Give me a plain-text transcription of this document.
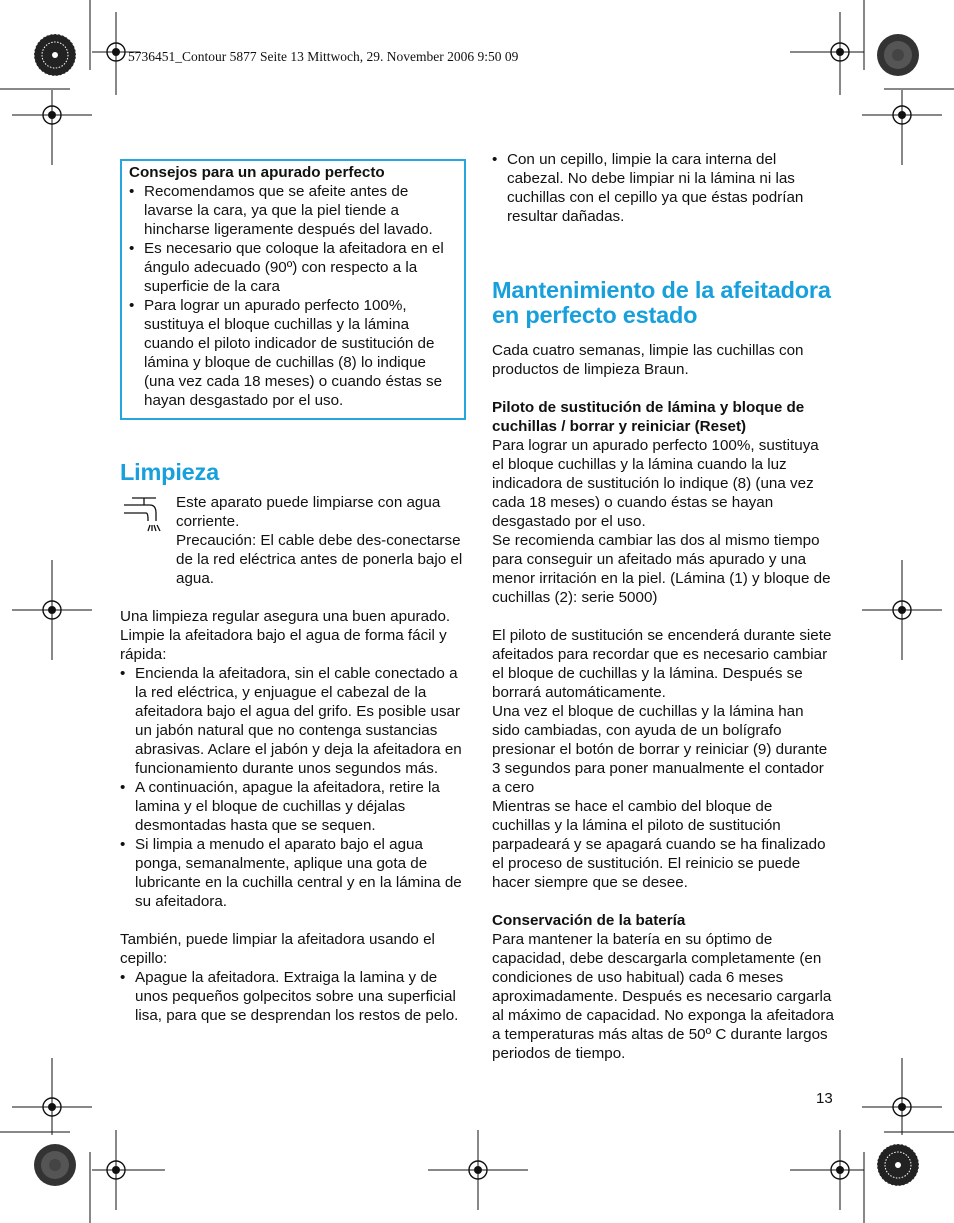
5736451_Contour 5877 Seite 13 Mittwoch, 29. November 2006 9:50 09

Consejos para un apurado perfecto

• Recomendamos que se afeite antes de lavarse la cara, ya que la piel tiende a hincharse ligeramente después del lavado.
• Es necesario que coloque la afeitadora en el ángulo adecuado (90º) con respecto a la superficie de la cara
• Para lograr un apurado perfecto 100%, sustituya el bloque cuchillas y la lámina cuando el piloto indicador de sustitución de lámina y bloque de cuchillas (8) lo indique (una vez cada 18 meses) o cuando éstas se hayan desgastado por el uso.
Limpieza

Este aparato puede limpiarse con agua corriente.

Precaución: El cable debe des-conectarse de la red eléctrica antes de ponerla bajo el agua.

Una limpieza regular asegura una buen apurado. Limpie la afeitadora bajo el agua de forma fácil y rápida:

• Encienda la afeitadora, sin el cable conectado a la red eléctrica, y enjuague el cabezal de la afeitadora bajo el agua del grifo. Es posible usar un jabón natural que no contenga sustancias abrasivas. Aclare el jabón y deja la afeitadora en funcionamiento durante unos segundos más.
• A continuación, apague la afeitadora, retire la lamina y el bloque de cuchillas y déjalas desmontadas hasta que se sequen.
• Si limpia a menudo el aparato bajo el agua ponga, semanalmente, aplique una gota de lubricante en la cuchilla central y en la lámina de su afeitadora.

También, puede limpiar la afeitadora usando el cepillo:

• Apague la afeitadora. Extraiga la lamina y de unos pequeños golpecitos sobre una superficial lisa, para que se desprendan los restos de pelo.
• Con un cepillo, limpie la cara interna del cabezal. No debe limpiar ni la lámina ni las cuchillas con el cepillo ya que éstas podrían resultar dañadas.
Mantenimiento de la afeitadora en perfecto estado

Cada cuatro semanas, limpie las cuchillas con productos de limpieza Braun.

Piloto de sustitución de lámina y bloque de cuchillas / borrar y reiniciar (Reset)

Para lograr un apurado perfecto 100%, sustituya el bloque cuchillas y la lámina cuando la luz indicadora de sustitución lo indique (8) (una vez cada 18 meses) o cuando éstas se hayan desgastado por el uso.

Se recomienda cambiar las dos al mismo tiempo para conseguir un afeitado más apurado y una menor irritación en la piel. (Lámina (1) y bloque de cuchillas (2): serie 5000)

El piloto de sustitución se encenderá durante siete afeitados para recordar que es necesario cambiar el bloque de cuchillas y la lámina. Después se borrará automáticamente.

Una vez el bloque de cuchillas y la lámina han sido cambiadas, con ayuda de un bolígrafo presionar el botón de borrar y reiniciar (9) durante 3 segundos para poner manualmente el contador a cero

Mientras se hace el cambio del bloque de cuchillas y la lámina el piloto de sustitución parpadeará y se apagará cuando se ha finalizado el proceso de sustitución. El reinicio se puede hacer siempre que se desee.

Conservación de la batería

Para mantener la batería en su óptimo de capacidad, debe descargarla completamente (en condiciones de uso habitual) cada 6 meses aproximadamente. Después es necesario cargarla al máximo de capacidad. No exponga la afeitadora a temperaturas más altas de 50º C durante largos periodos de tiempo.

13
